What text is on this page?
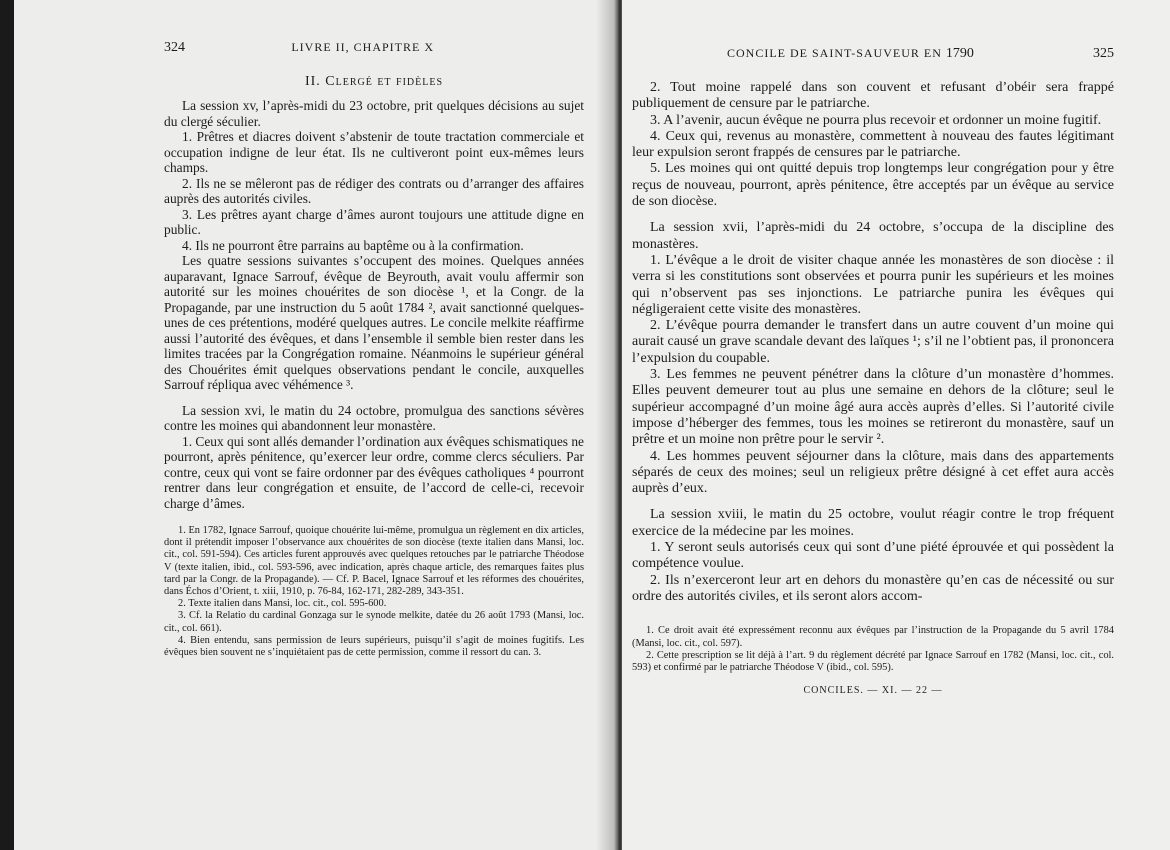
324	LIVRE II, CHAPITRE X
II. Clergé et fidèles

La session xv, l’après-midi du 23 octobre, prit quelques décisions au sujet du clergé séculier.

1. Prêtres et diacres doivent s’abstenir de toute tractation commerciale et occupation indigne de leur état. Ils ne cultiveront point eux-mêmes leurs champs.

2. Ils ne se mêleront pas de rédiger des contrats ou d’arranger des affaires auprès des autorités civiles.

3. Les prêtres ayant charge d’âmes auront toujours une attitude digne en public.

4. Ils ne pourront être parrains au baptême ou à la confirmation.

Les quatre sessions suivantes s’occupent des moines. Quelques années auparavant, Ignace Sarrouf, évêque de Beyrouth, avait voulu affermir son autorité sur les moines chouérites de son diocèse ¹, et la Congr. de la Propagande, par une instruction du 5 août 1784 ², avait sanctionné quelques-unes de ces prétentions, modéré quelques autres. Le concile melkite réaffirme aussi l’autorité des évêques, et dans l’ensemble il semble bien rester dans les limites tracées par la Congrégation romaine. Néanmoins le supérieur général des Chouérites émit quelques observations pendant le concile, auxquelles Sarrouf répliqua avec véhémence ³.

La session xvi, le matin du 24 octobre, promulgua des sanctions sévères contre les moines qui abandonnent leur monastère.

1. Ceux qui sont allés demander l’ordination aux évêques schismatiques ne pourront, après pénitence, qu’exercer leur ordre, comme clercs séculiers. Par contre, ceux qui vont se faire ordonner par des évêques catholiques ⁴ pourront rentrer dans leur congrégation et ensuite, de l’accord de celle-ci, recevoir charge d’âmes.

1. En 1782, Ignace Sarrouf, quoique chouérite lui-même, promulgua un règlement en dix articles, dont il prétendit imposer l’observance aux chouérites de son diocèse (texte italien dans Mansi, loc. cit., col. 591-594). Ces articles furent approuvés avec quelques retouches par le patriarche Théodose V (texte italien, ibid., col. 593-596, avec indication, après chaque article, des remarques faites plus tard par la Congr. de la Propagande). — Cf. P. Bacel, Ignace Sarrouf et les réformes des chouérites, dans Échos d’Orient, t. xiii, 1910, p. 76-84, 162-171, 282-289, 343-351.

2. Texte italien dans Mansi, loc. cit., col. 595-600.

3. Cf. la Relatio du cardinal Gonzaga sur le synode melkite, datée du 26 août 1793 (Mansi, loc. cit., col. 661).

4. Bien entendu, sans permission de leurs supérieurs, puisqu’il s’agit de moines fugitifs. Les évêques bien souvent ne s’inquiétaient pas de cette permission, comme il ressort du can. 3.

CONCILE DE SAINT-SAUVEUR EN 1790	325

2. Tout moine rappelé dans son couvent et refusant d’obéir sera frappé publiquement de censure par le patriarche.

3. A l’avenir, aucun évêque ne pourra plus recevoir et ordonner un moine fugitif.

4. Ceux qui, revenus au monastère, commettent à nouveau des fautes légitimant leur expulsion seront frappés de censures par le patriarche.

5. Les moines qui ont quitté depuis trop longtemps leur congrégation pour y être reçus de nouveau, pourront, après pénitence, être acceptés par un évêque au service de son diocèse.

La session xvii, l’après-midi du 24 octobre, s’occupa de la discipline des monastères.

1. L’évêque a le droit de visiter chaque année les monastères de son diocèse : il verra si les constitutions sont observées et pourra punir les supérieurs et les moines qui n’observent pas ses injonctions. Le patriarche punira les évêques qui négligeraient cette visite des monastères.

2. L’évêque pourra demander le transfert dans un autre couvent d’un moine qui aurait causé un grave scandale devant des laïques ¹; s’il ne l’obtient pas, il prononcera l’expulsion du coupable.

3. Les femmes ne peuvent pénétrer dans la clôture d’un monastère d’hommes. Elles peuvent demeurer tout au plus une semaine en dehors de la clôture; seul le supérieur accompagné d’un moine âgé aura accès auprès d’elles. Si l’autorité civile impose d’héberger des femmes, tous les moines se retireront du monastère, sauf un prêtre et un moine non prêtre pour le servir ².

4. Les hommes peuvent séjourner dans la clôture, mais dans des appartements séparés de ceux des moines; seul un religieux prêtre désigné à cet effet aura accès auprès d’eux.

La session xviii, le matin du 25 octobre, voulut réagir contre le trop fréquent exercice de la médecine par les moines.

1. Y seront seuls autorisés ceux qui sont d’une piété éprouvée et qui possèdent la compétence voulue.

2. Ils n’exerceront leur art en dehors du monastère qu’en cas de nécessité ou sur ordre des autorités civiles, et ils seront alors accom-

1. Ce droit avait été expressément reconnu aux évêques par l’instruction de la Propagande du 5 avril 1784 (Mansi, loc. cit., col. 597).

2. Cette prescription se lit déjà à l’art. 9 du règlement décrété par Ignace Sarrouf en 1782 (Mansi, loc. cit., col. 593) et confirmé par le patriarche Théodose V (ibid., col. 595).

CONCILES. — XI. — 22 —
